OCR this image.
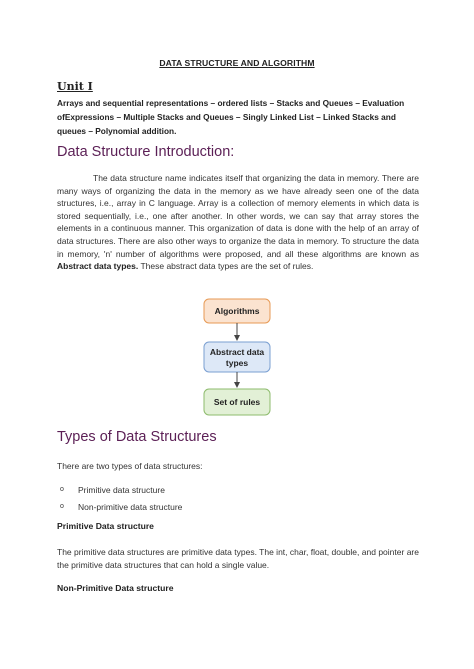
DATA STRUCTURE AND ALGORITHM
Unit I
Arrays and sequential representations – ordered lists – Stacks and Queues – Evaluation ofExpressions – Multiple Stacks and Queues – Singly Linked List – Linked Stacks and queues – Polynomial addition.
Data Structure Introduction:
The data structure name indicates itself that organizing the data in memory. There are many ways of organizing the data in the memory as we have already seen one of the data structures, i.e., array in C language. Array is a collection of memory elements in which data is stored sequentially, i.e., one after another. In other words, we can say that array stores the elements in a continuous manner. This organization of data is done with the help of an array of data structures. There are also other ways to organize the data in memory. To structure the data in memory, 'n' number of algorithms were proposed, and all these algorithms are known as Abstract data types. These abstract data types are the set of rules.
Algorithms
Abstract data
types
Set of rules
Types of Data Structures
There are two types of data structures:
o	Primitive data structure
o	Non-primitive data structure
Primitive Data structure
The primitive data structures are primitive data types. The int, char, float, double, and pointer are the primitive data structures that can hold a single value.
Non-Primitive Data structure
